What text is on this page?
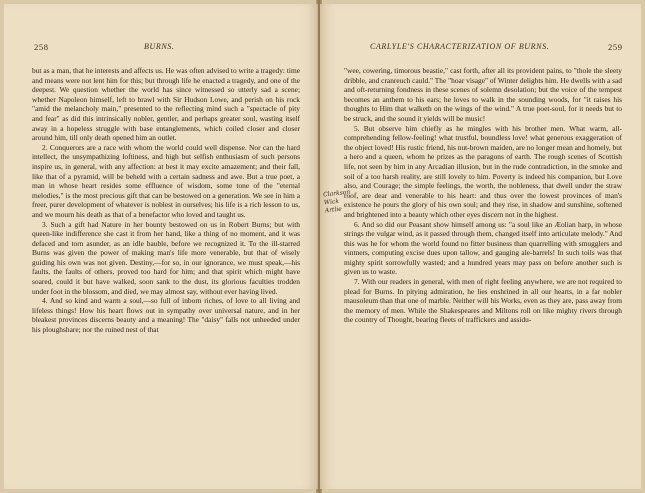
258	BURNS.

but as a man, that he interests and affects us. He was often advised to write a tragedy: time and means were not lent him for this; but through life he enacted a tragedy, and one of the deepest. We question whether the world has since witnessed so utterly sad a scene; whether Napoleon himself, left to brawl with Sir Hudson Lowe, and perish on his rock "amid the melancholy main," presented to the reflecting mind such a "spectacle of pity and fear" as did this intrinsically nobler, gentler, and perhaps greater soul, wasting itself away in a hopeless struggle with base entanglements, which coiled closer and closer around him, till only death opened him an outlet.

2. Conquerors are a race with whom the world could well dispense. Nor can the hard intellect, the unsympathizing loftiness, and high but selfish enthusiasm of such persons inspire us, in general, with any affection: at best it may excite amazement; and their fall, like that of a pyramid, will be beheld with a certain sadness and awe. But a true poet, a man in whose heart resides some effluence of wisdom, some tone of the "eternal melodies," is the most precious gift that can be bestowed on a generation. We see in him a freer, purer development of whatever is noblest in ourselves; his life is a rich lesson to us, and we mourn his death as that of a benefactor who loved and taught us.

3. Such a gift had Nature in her bounty bestowed on us in Robert Burns; but with queen-like indifference she cast it from her hand, like a thing of no moment, and it was defaced and torn asunder, as an idle bauble, before we recognized it. To the ill-starred Burns was given the power of making man's life more venerable, but that of wisely guiding his own was not given. Destiny,—for so, in our ignorance, we must speak,—his faults, the faults of others, proved too hard for him; and that spirit which might have soared, could it but have walked, soon sank to the dust, its glorious faculties trodden under foot in the blossom, and died, we may almost say, without ever having lived.

4. And so kind and warm a soul,—so full of inborn riches, of love to all living and lifeless things! How his heart flows out in sympathy over universal nature, and in her bleakest provinces discerns beauty and a meaning! The "daisy" falls not unheeded under his ploughshare; nor the ruined nest of that

CARLYLE'S CHARACTERIZATION OF BURNS.	259
Clarkson
Wick
Artlie

"wee, cowering, timorous beastie," cast forth, after all its provident pains, to "thole the sleety dribble, and cranreuch cauld." The "hoar visage" of Winter delights him. He dwells with a sad and oft-returning fondness in these scenes of solemn desolation; but the voice of the tempest becomes an anthem to his ears; he loves to walk in the sounding woods, for "it raises his thoughts to Him that walketh on the wings of the wind." A true poet-soul, for it needs but to be struck, and the sound it yields will be music!

5. But observe him chiefly as he mingles with his brother men. What warm, all-comprehending fellow-feeling! what trustful, boundless love! what generous exaggeration of the object loved! His rustic friend, his nut-brown maiden, are no longer mean and homely, but a hero and a queen, whom he prizes as the paragons of earth. The rough scenes of Scottish life, not seen by him in any Arcadian illusion, but in the rude contradiction, in the smoke and soil of a too harsh reality, are still lovely to him. Poverty is indeed his companion, but Love also, and Courage; the simple feelings, the worth, the nobleness, that dwell under the straw roof, are dear and venerable to his heart: and thus over the lowest provinces of man's existence he pours the glory of his own soul; and they rise, in shadow and sunshine, softened and brightened into a beauty which other eyes discern not in the highest.

6. And so did our Peasant show himself among us: "a soul like an Æolian harp, in whose strings the vulgar wind, as it passed through them, changed itself into articulate melody." And this was he for whom the world found no fitter business than quarrelling with smugglers and vintners, computing excise dues upon tallow, and gauging ale-barrels! In such toils was that mighty spirit sorrowfully wasted; and a hundred years may pass on before another such is given us to waste.

7. With our readers in general, with men of right feeling anywhere, we are not required to plead for Burns. In pitying admiration, he lies enshrined in all our hearts, in a far nobler mausoleum than that one of marble. Neither will his Works, even as they are, pass away from the memory of men. While the Shakespeares and Miltons roll on like mighty rivers through the country of Thought, bearing fleets of traffickers and assidu-
